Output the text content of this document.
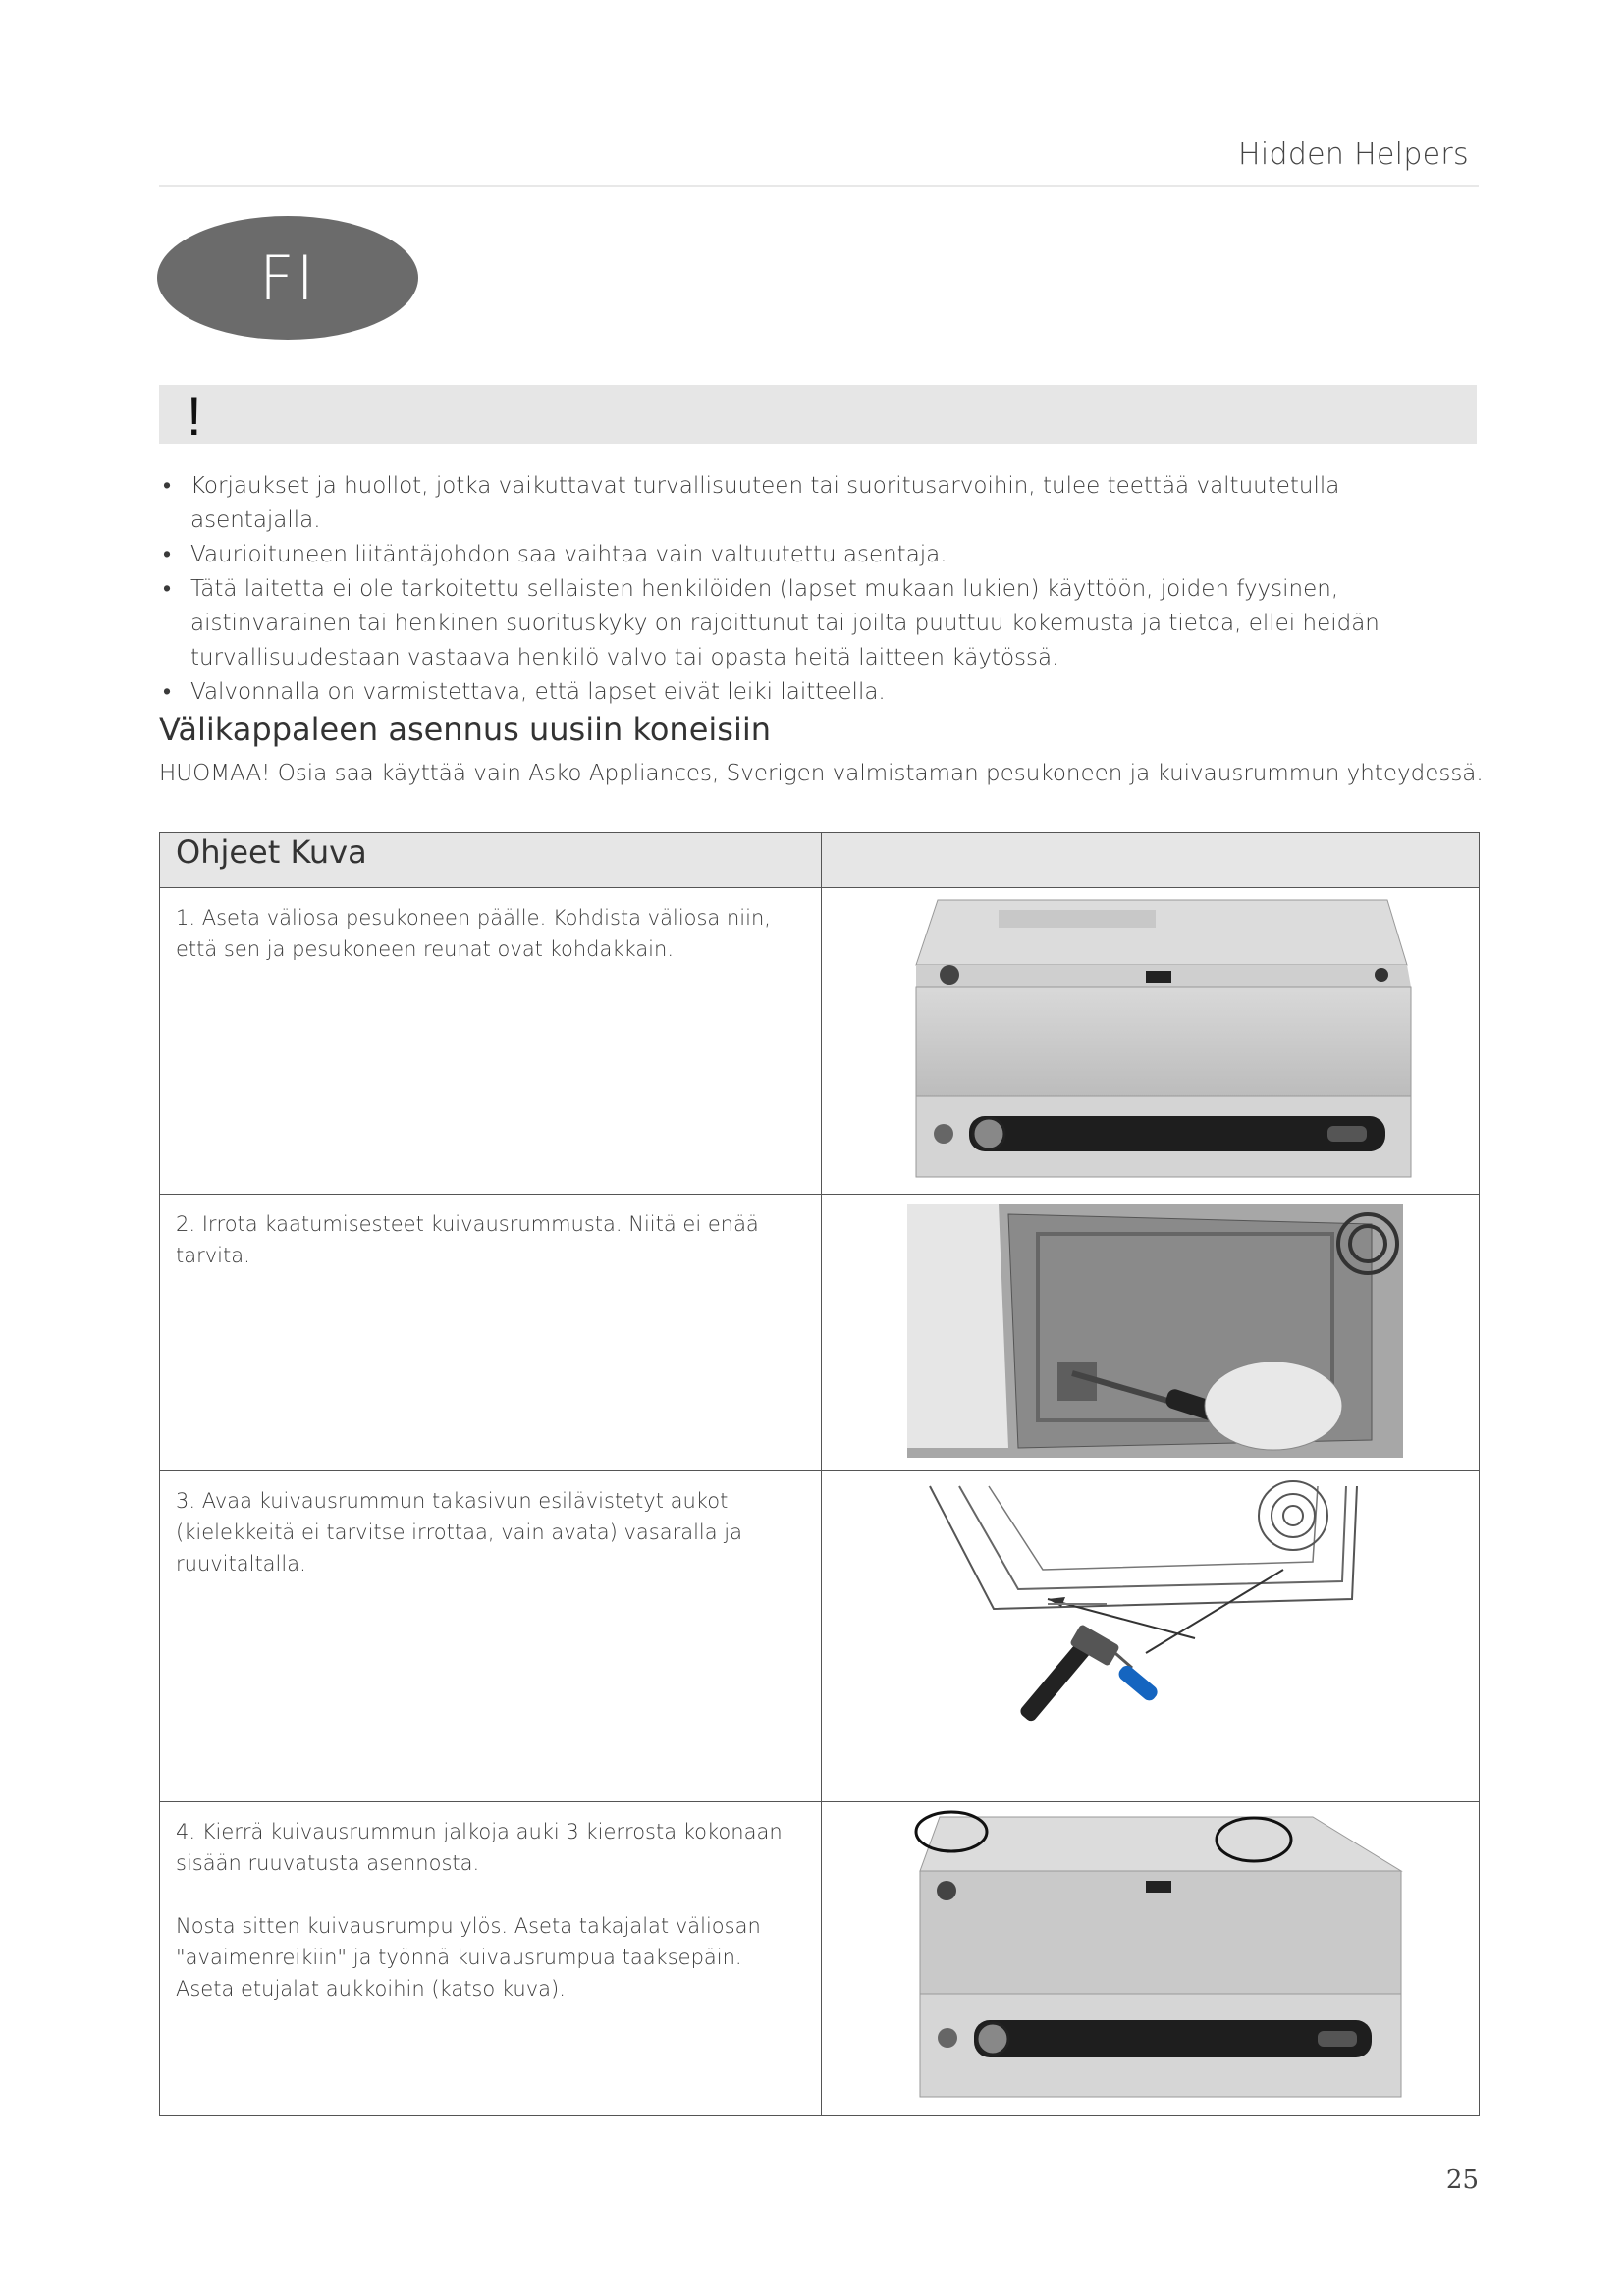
Hidden Helpers
FI
!
• Korjaukset ja huollot, jotka vaikuttavat turvallisuuteen tai suoritusarvoihin, tulee teettää valtuutetulla asentajalla.
• Vaurioituneen liitäntäjohdon saa vaihtaa vain valtuutettu asentaja.
• Tätä laitetta ei ole tarkoitettu sellaisten henkilöiden (lapset mukaan lukien) käyttöön, joiden fyysinen, aistinvarainen tai henkinen suorituskyky on rajoittunut tai joilta puuttuu kokemusta ja tietoa, ellei heidän turvallisuudestaan vastaava henkilö valvo tai opasta heitä laitteen käytössä.
• Valvonnalla on varmistettava, että lapset eivät leiki laitteella.
Välikappaleen asennus uusiin koneisiin
HUOMAA! Osia saa käyttää vain Asko Appliances, Sverigen valmistaman pesukoneen ja kuivausrummun yhteydessä.
Ohjeet Kuva	

1. Aseta väliosa pesukoneen päälle. Kohdista väliosa niin, että sen ja pesukoneen reunat ovat kohdakkain.

2. Irrota kaatumisesteet kuivausrummusta. Niitä ei enää tarvita.

3. Avaa kuivausrummun takasivun esilävistetyt aukot (kielekkeitä ei tarvitse irrottaa, vain avata) vasaralla ja ruuvitaltalla.

4. Kierrä kuivausrummun jalkoja auki 3 kierrosta kokonaan sisään ruuvatusta asennosta.

Nosta sitten kuivausrumpu ylös. Aseta takajalat väliosan "avaimenreikiin" ja työnnä kuivausrumpua taaksepäin. Aseta etujalat aukkoihin (katso kuva).

25
